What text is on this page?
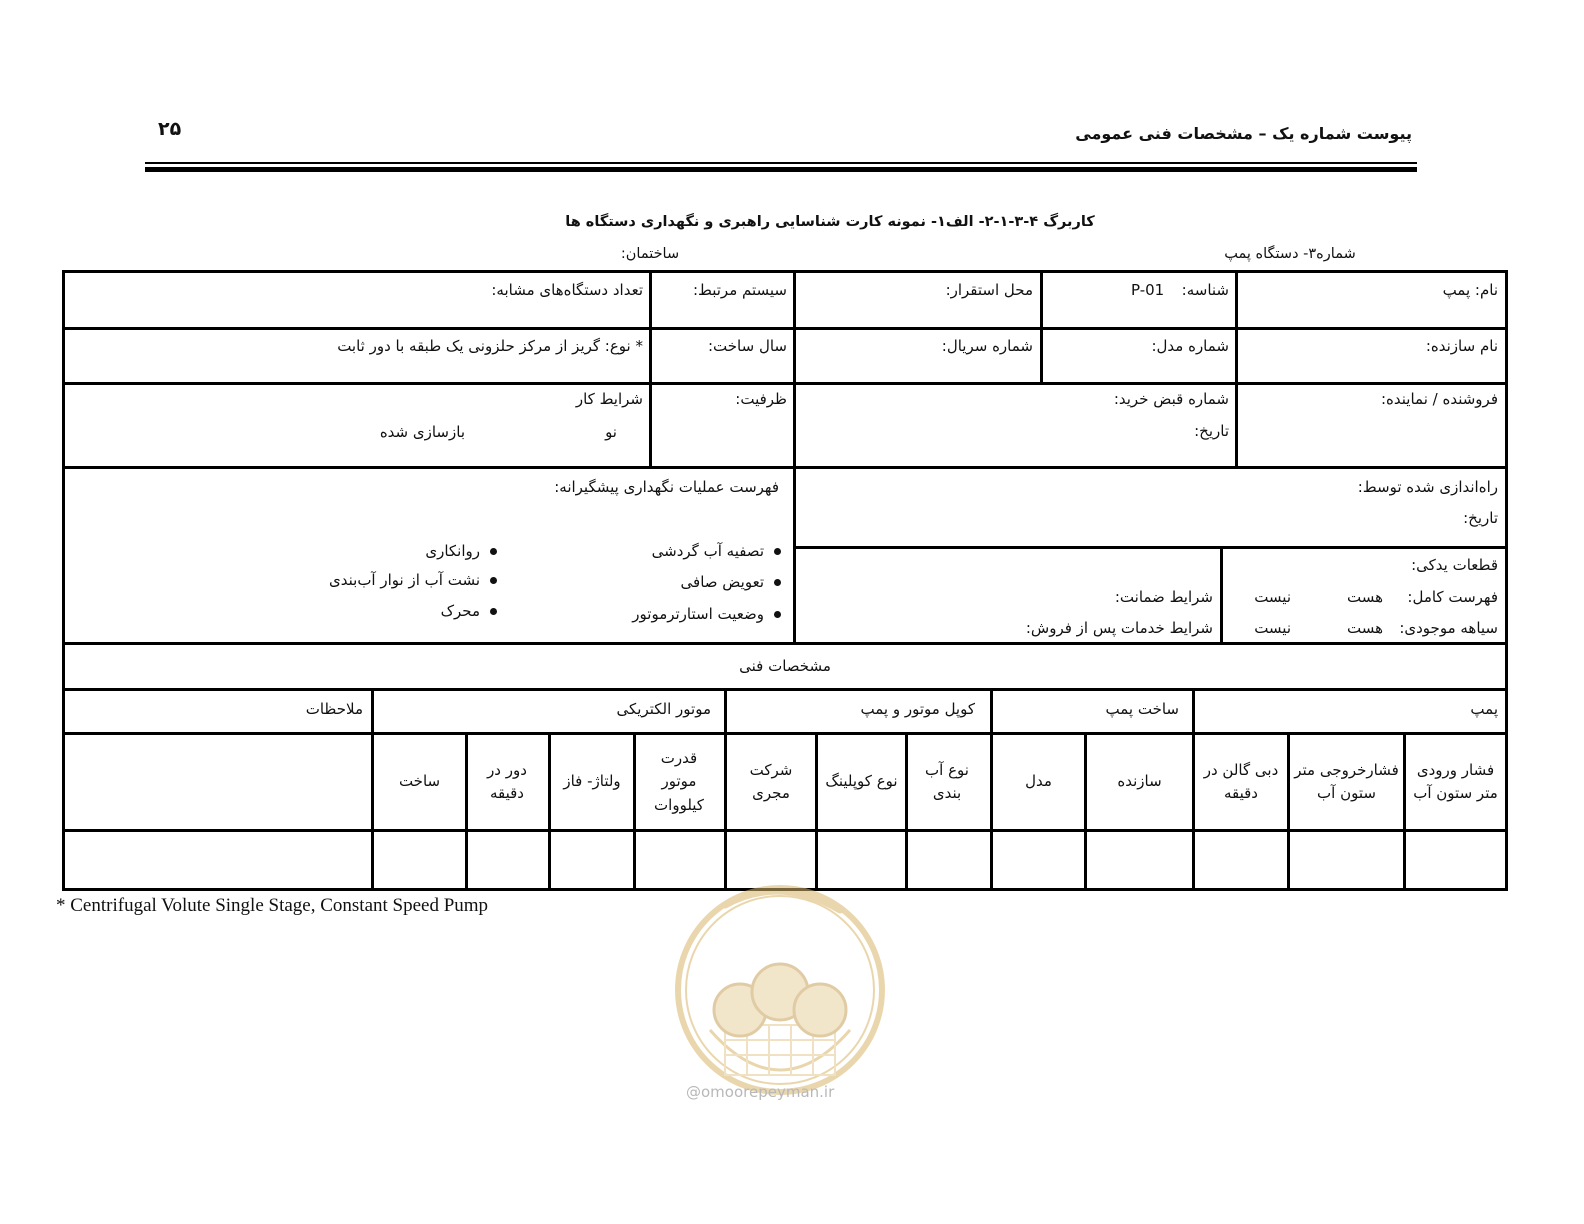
۲۵	پیوست شماره یک – مشخصات فنی عمومی
کاربرگ ۴-۳-۱-۲- الف۱- نمونه کارت شناسایی راهبری و نگهداری دستگاه ها
شماره۳- دستگاه پمپ
ساختمان:
نام: پمپ
شناسه:
P-01
محل استقرار:
سیستم مرتبط:
تعداد دستگاه‌های مشابه:
نام سازنده:
شماره مدل:
شماره سریال:
سال ساخت:
* نوع: گریز از مرکز حلزونی یک طبقه با دور ثابت
فروشنده / نماینده:
شماره قبض خرید:
تاریخ:
ظرفیت:
شرایط کار
نو
بازسازی شده
راه‌اندازی شده توسط:
تاریخ:
فهرست عملیات نگهداری پیشگیرانه:
تصفیه آب گردشی
تعویض صافی
وضعیت استارترموتور
روانکاری
نشت آب از نوار آب‌بندی
محرک
قطعات یدکی:
فهرست کامل:
هست
نیست
سیاهه موجودی:
هست
نیست
شرایط ضمانت:
شرایط خدمات پس از فروش:
مشخصات فنی
پمپ
ساخت پمپ
کوپل موتور و پمپ
موتور الکتریکی
ملاحظات
فشار ورودی متر ستون آب
فشارخروجی متر ستون آب
دبی گالن در دقیقه
سازنده
مدل
نوع آب بندی
نوع کوپلینگ
شرکت مجری
قدرت موتور کیلووات
ولتاژ- فاز
دور در دقیقه
ساخت
* Centrifugal Volute Single Stage, Constant Speed Pump
@omoorepeyman.ir
